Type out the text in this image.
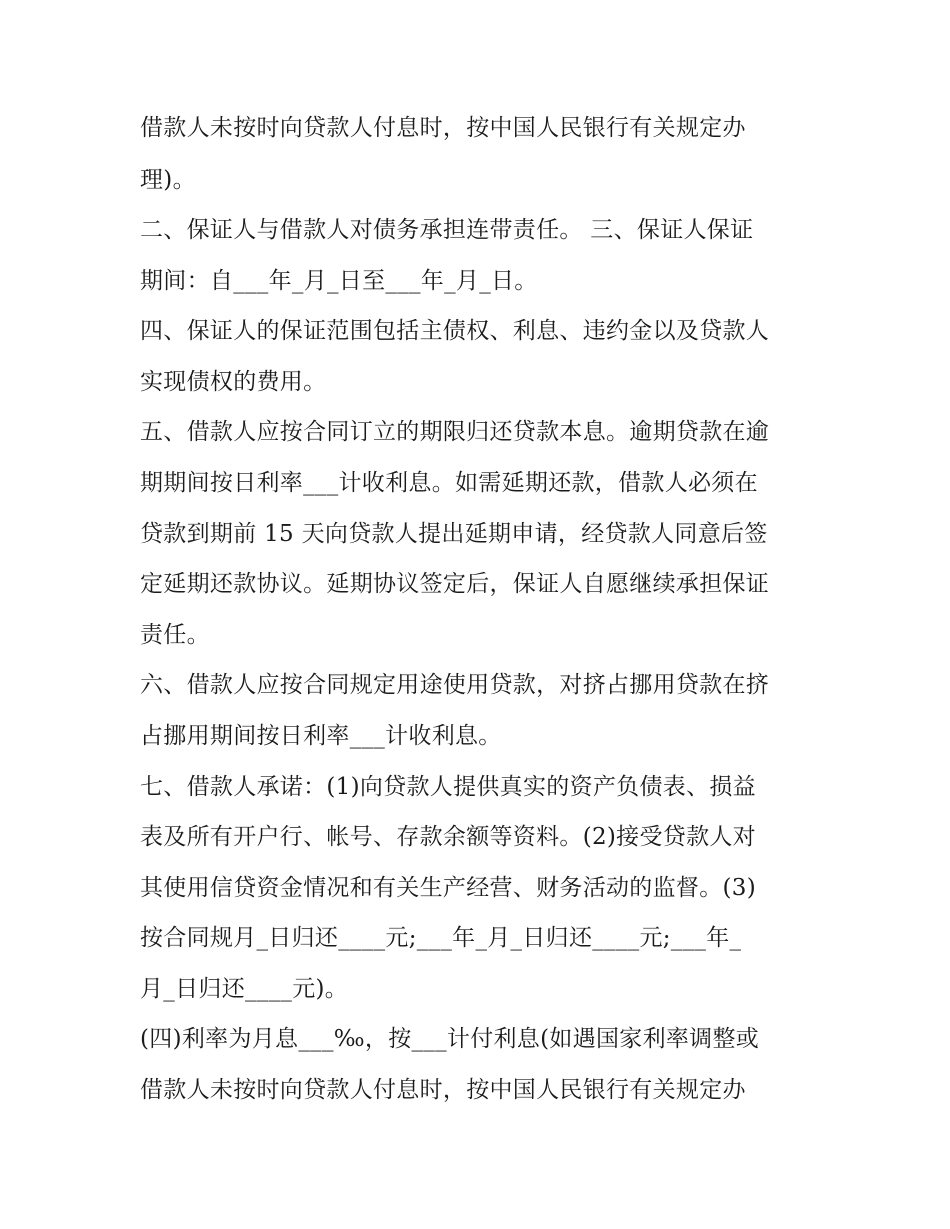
借款人未按时向贷款人付息时，按中国人民银行有关规定办
理)。
二、保证人与借款人对债务承担连带责任。 三、保证人保证
期间：自___年_月_日至___年_月_日。
四、保证人的保证范围包括主债权、利息、违约金以及贷款人
实现债权的费用。
五、借款人应按合同订立的期限归还贷款本息。逾期贷款在逾
期期间按日利率___计收利息。如需延期还款，借款人必须在
贷款到期前 15 天向贷款人提出延期申请，经贷款人同意后签
定延期还款协议。延期协议签定后，保证人自愿继续承担保证
责任。
六、借款人应按合同规定用途使用贷款，对挤占挪用贷款在挤
占挪用期间按日利率___计收利息。
七、借款人承诺：(1)向贷款人提供真实的资产负债表、损益
表及所有开户行、帐号、存款余额等资料。(2)接受贷款人对
其使用信贷资金情况和有关生产经营、财务活动的监督。(3)
按合同规月_日归还____元;___年_月_日归还____元;___年_
月_日归还____元)。
(四)利率为月息___‰，按___计付利息(如遇国家利率调整或
借款人未按时向贷款人付息时，按中国人民银行有关规定办
